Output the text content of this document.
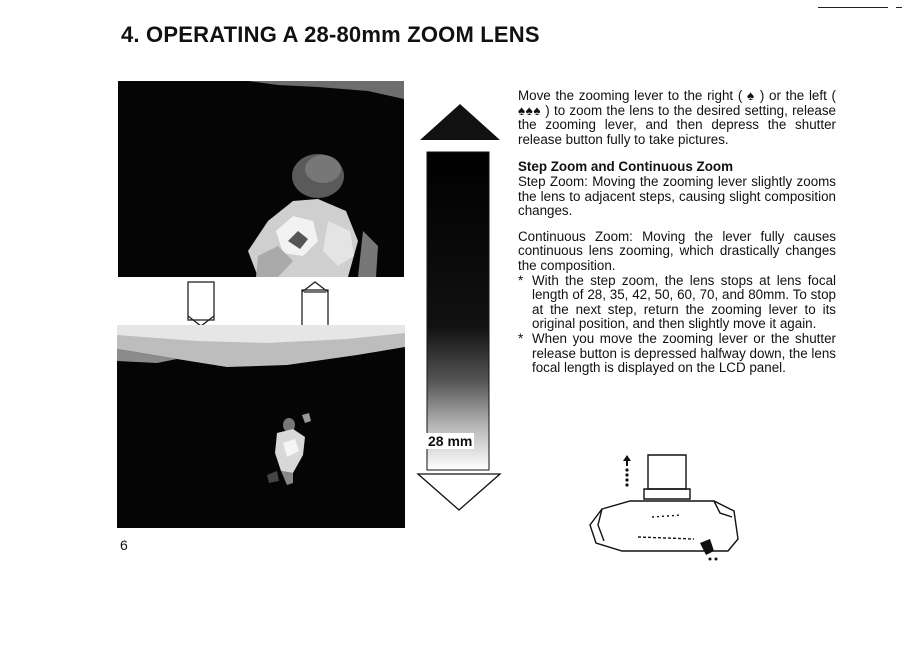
4. OPERATING A 28-80mm ZOOM LENS
28 mm

Move the zooming lever to the right ( ♠ ) or the left ( ♠♠♠ ) to zoom the lens to the desired setting, release the zooming lever, and then depress the shutter release button fully to take pictures.

Step Zoom and Continuous Zoom

Step Zoom: Moving the zooming lever slightly zooms the lens to adjacent steps, causing slight composition changes.

Continuous Zoom: Moving the lever fully causes continuous lens zooming, which drastically changes the composition.

* With the step zoom, the lens stops at lens focal length of 28, 35, 42, 50, 60, 70, and 80mm. To stop at the next step, return the zooming lever to its original position, and then slightly move it again.
* When you move the zooming lever or the shutter release button is depressed halfway down, the lens focal length is displayed on the LCD panel.
6
